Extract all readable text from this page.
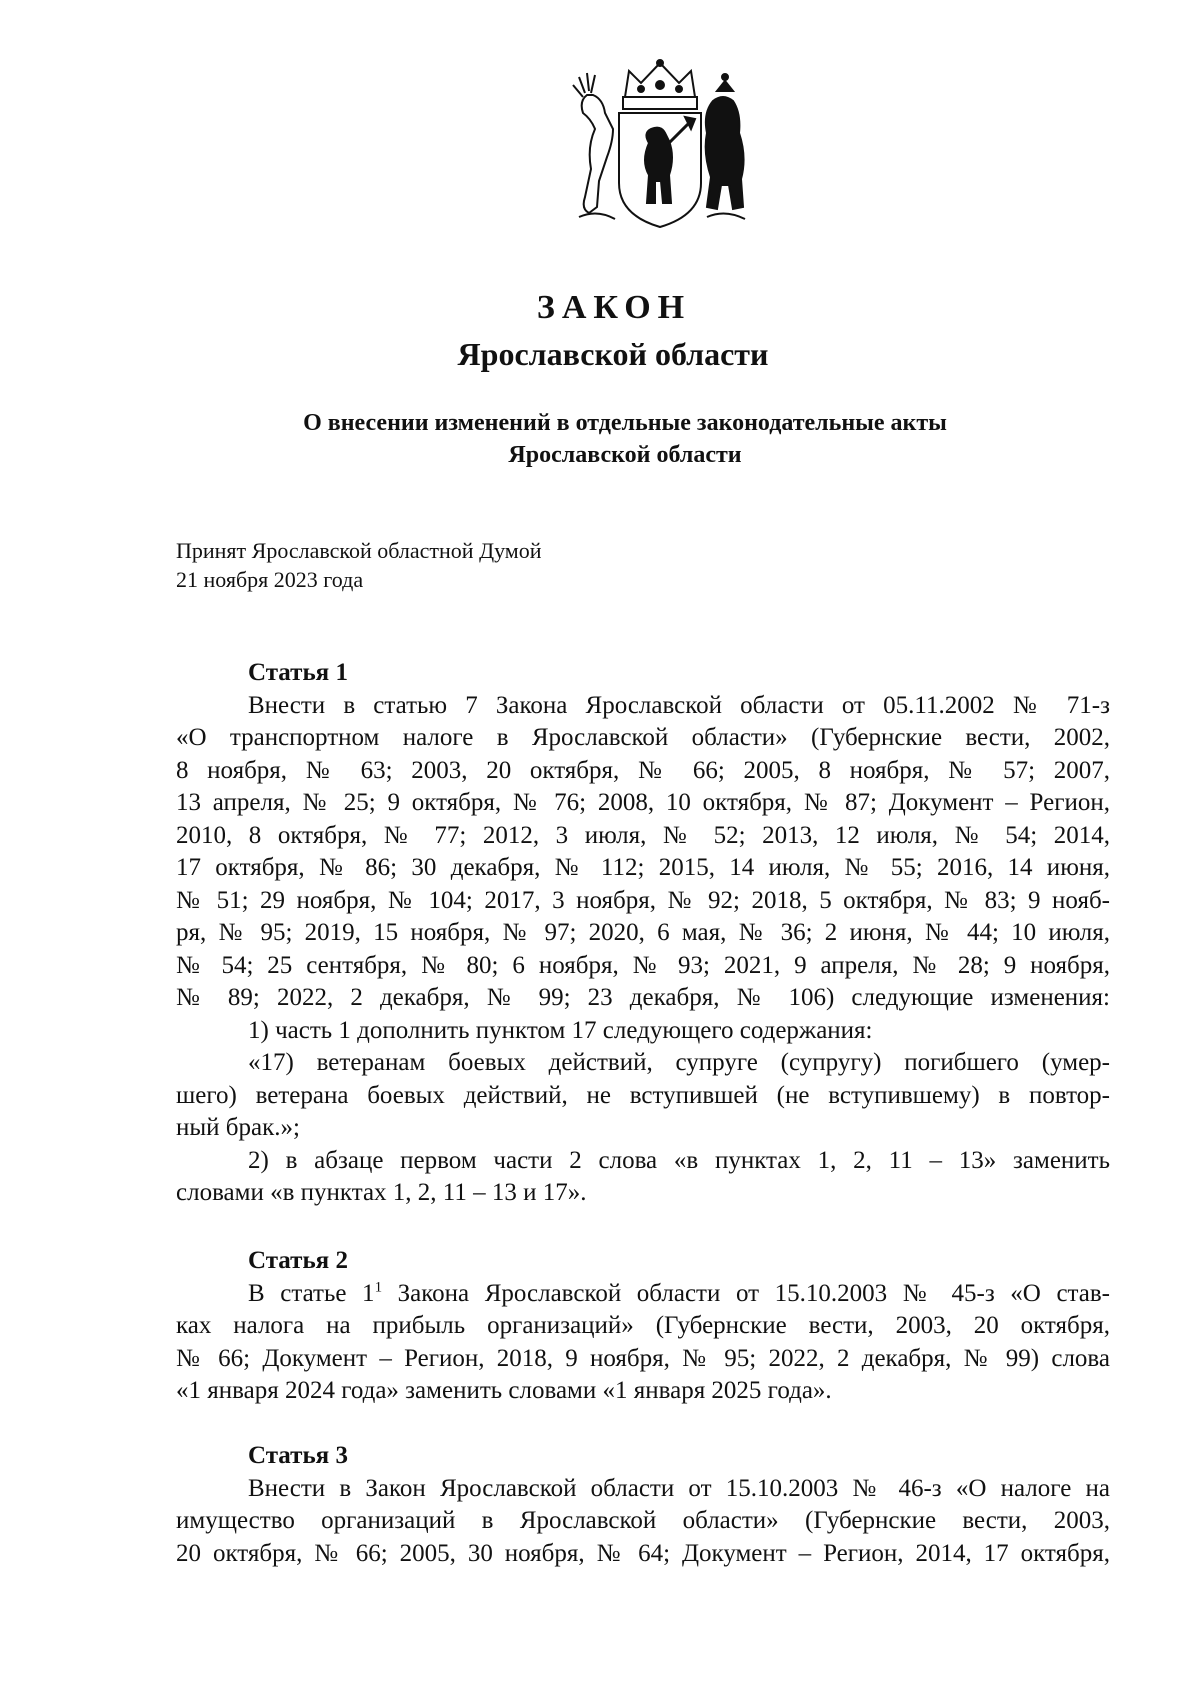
ЗАКОН
Ярославской области
О внесении изменений в отдельные законодательные акты
Ярославской области
Принят Ярославской областной Думой
21 ноября 2023 года
Статья 1
Внести в статью 7 Закона Ярославской области от 05.11.2002 № 71-з
«О транспортном налоге в Ярославской области» (Губернские вести, 2002,
8 ноября, № 63; 2003, 20 октября, № 66; 2005, 8 ноября, № 57; 2007,
13 апреля, № 25; 9 октября, № 76; 2008, 10 октября, № 87; Документ – Регион,
2010, 8 октября, № 77; 2012, 3 июля, № 52; 2013, 12 июля, № 54; 2014,
17 октября, № 86; 30 декабря, № 112; 2015, 14 июля, № 55; 2016, 14 июня,
№ 51; 29 ноября, № 104; 2017, 3 ноября, № 92; 2018, 5 октября, № 83; 9 нояб-
ря, № 95; 2019, 15 ноября, № 97; 2020, 6 мая, № 36; 2 июня, № 44; 10 июля,
№ 54; 25 сентября, № 80; 6 ноября, № 93; 2021, 9 апреля, № 28; 9 ноября,
№ 89; 2022, 2 декабря, № 99; 23 декабря, № 106) следующие изменения:
1) часть 1 дополнить пунктом 17 следующего содержания:
«17) ветеранам боевых действий, супруге (супругу) погибшего (умер-
шего) ветерана боевых действий, не вступившей (не вступившему) в повтор-
ный брак.»;
2) в абзаце первом части 2 слова «в пунктах 1, 2, 11 – 13» заменить
словами «в пунктах 1, 2, 11 – 13 и 17».
Статья 2
В статье $1^1$ Закона Ярославской области от 15.10.2003 № 45-з «О став-
ках налога на прибыль организаций» (Губернские вести, 2003, 20 октября,
№ 66; Документ – Регион, 2018, 9 ноября, № 95; 2022, 2 декабря, № 99) слова
«1 января 2024 года» заменить словами «1 января 2025 года».
Статья 3
Внести в Закон Ярославской области от 15.10.2003 № 46-з «О налоге на
имущество организаций в Ярославской области» (Губернские вести, 2003,
20 октября, № 66; 2005, 30 ноября, № 64; Документ – Регион, 2014, 17 октября,
